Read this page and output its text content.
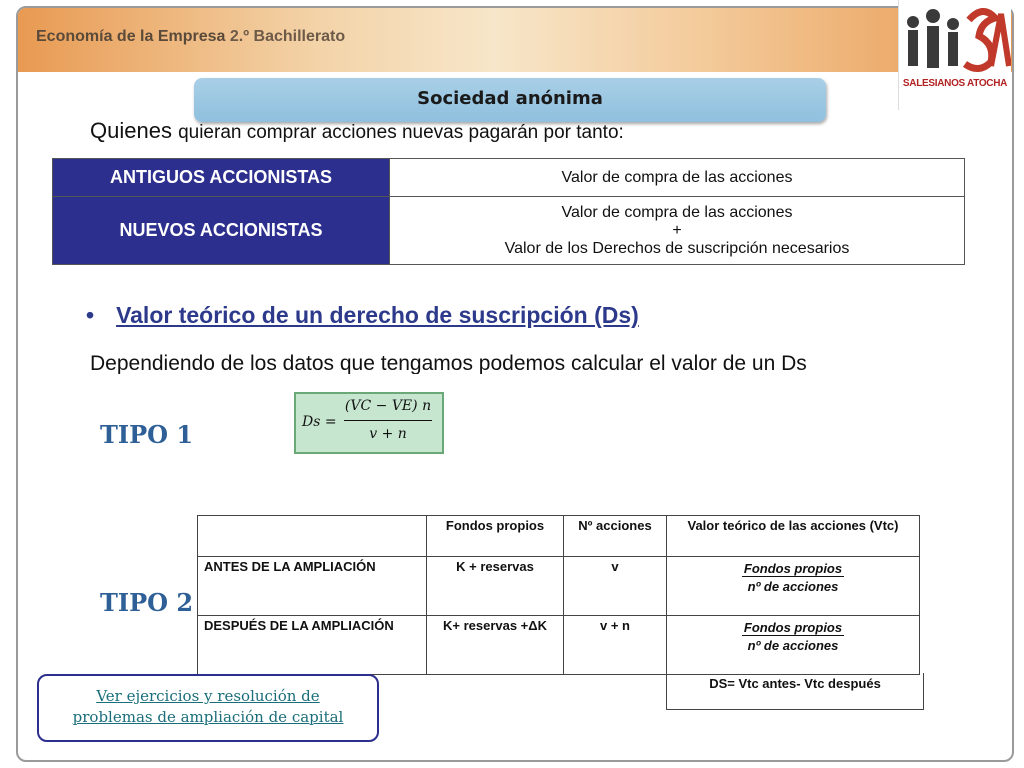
Economía de la Empresa 2.º Bachillerato
Sociedad anónima
SALESIANOS ATOCHA
Quienes quieran comprar acciones nuevas pagarán por tanto:
ANTIGUOS ACCIONISTAS	Valor de compra de las acciones

NUEVOS ACCIONISTAS	Valor de compra de las acciones
+
Valor de los Derechos de suscripción necesarios
• Valor teórico de un derecho de suscripción (Ds)
Dependiendo de los datos que tengamos podemos calcular el valor de un Ds
TIPO 1	Ds =
(VC − VE) n
v + n
TIPO 2
	Fondos propios	Nº acciones	Valor teórico de las acciones (Vtc)
ANTES DE LA AMPLIACIÓN	K + reservas	v	$\frac{\text{Fondos propios}}{\text{nº de acciones}}$

DESPUÉS DE LA AMPLIACIÓN	K+ reservas +ΔK	v + n	$\frac{\text{Fondos propios}}{\text{nº de acciones}}$
DS= Vtc antes- Vtc después
Ver ejercicios y resolución de
problemas de ampliación de capital
